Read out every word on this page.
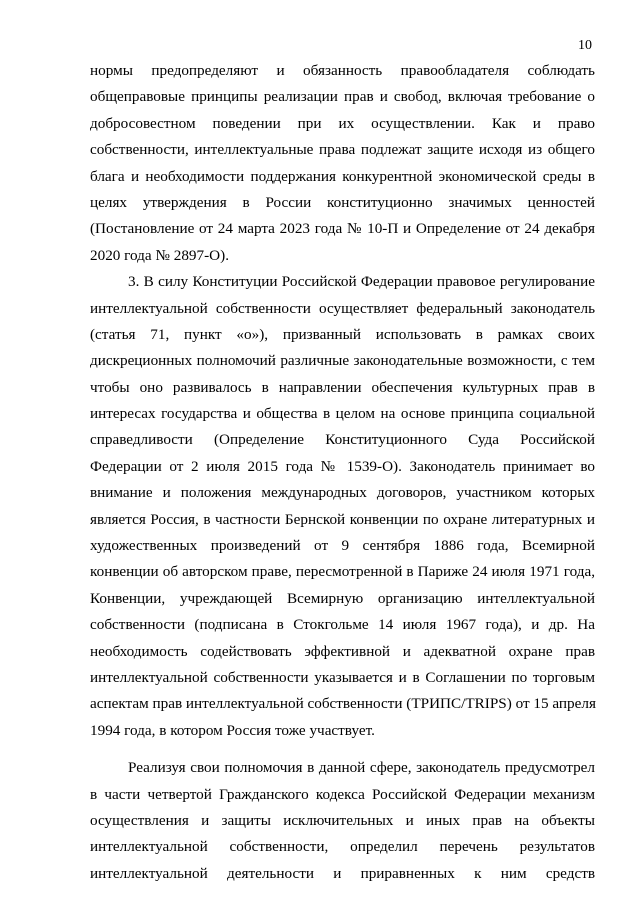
10
нормы предопределяют и обязанность правообладателя соблюдать
общеправовые принципы реализации прав и свобод, включая требование о
добросовестном поведении при их осуществлении. Как и право
собственности, интеллектуальные права подлежат защите исходя из общего
блага и необходимости поддержания конкурентной экономической среды в
целях утверждения в России конституционно значимых ценностей
(Постановление от 24 марта 2023 года № 10-П и Определение от 24 декабря
2020 года № 2897-О).
3. В силу Конституции Российской Федерации правовое регулирование
интеллектуальной собственности осуществляет федеральный законодатель
(статья 71, пункт «о»), призванный использовать в рамках своих
дискреционных полномочий различные законодательные возможности, с тем
чтобы оно развивалось в направлении обеспечения культурных прав в
интересах государства и общества в целом на основе принципа социальной
справедливости (Определение Конституционного Суда Российской
Федерации от 2 июля 2015 года № 1539-О). Законодатель принимает во
внимание и положения международных договоров, участником которых
является Россия, в частности Бернской конвенции по охране литературных и
художественных произведений от 9 сентября 1886 года, Всемирной
конвенции об авторском праве, пересмотренной в Париже 24 июля 1971 года,
Конвенции, учреждающей Всемирную организацию интеллектуальной
собственности (подписана в Стокгольме 14 июля 1967 года), и др. На
необходимость содействовать эффективной и адекватной охране прав
интеллектуальной собственности указывается и в Соглашении по торговым
аспектам прав интеллектуальной собственности (ТРИПС/TRIPS) от 15 апреля
1994 года, в котором Россия тоже участвует.
Реализуя свои полномочия в данной сфере, законодатель предусмотрел
в части четвертой Гражданского кодекса Российской Федерации механизм
осуществления и защиты исключительных и иных прав на объекты
интеллектуальной собственности, определил перечень результатов
интеллектуальной деятельности и приравненных к ним средств
